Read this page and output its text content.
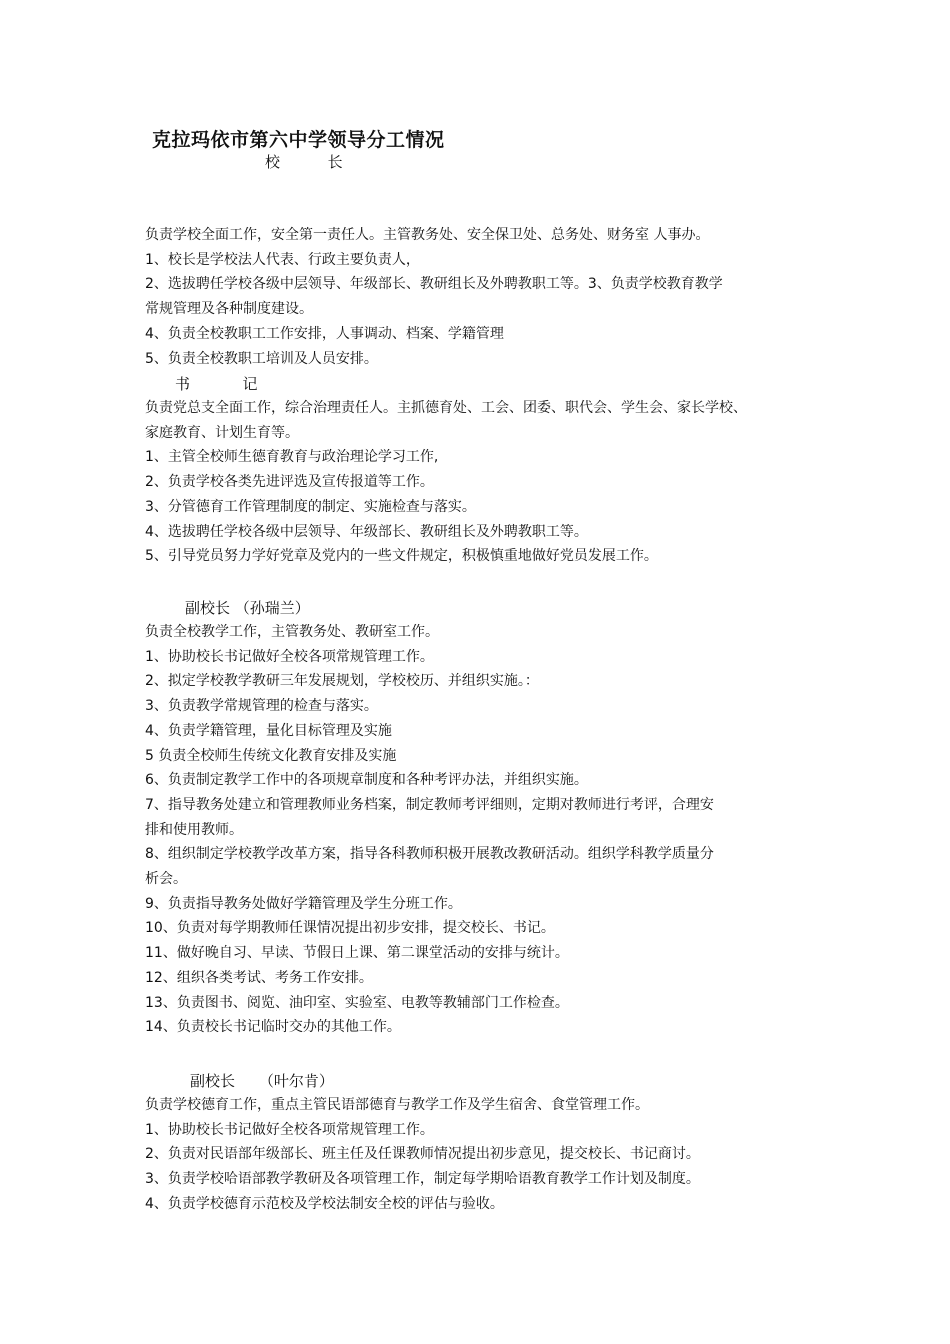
克拉玛依市第六中学领导分工情况
校          长

负责学校全面工作，安全第一责任人。主管教务处、安全保卫处、总务处、财务室 人事办。

1、校长是学校法人代表、行政主要负责人，

2、选拔聘任学校各级中层领导、年级部长、教研组长及外聘教职工等。3、负责学校教育教学

常规管理及各种制度建设。

4、负责全校教职工工作安排，人事调动、档案、学籍管理

5、负责全校教职工培训及人员安排。

书           记

负责党总支全面工作，综合治理责任人。主抓德育处、工会、团委、职代会、学生会、家长学校、

家庭教育、计划生育等。

1、主管全校师生德育教育与政治理论学习工作,

2、负责学校各类先进评选及宣传报道等工作。

3、分管德育工作管理制度的制定、实施检查与落实。

4、选拔聘任学校各级中层领导、年级部长、教研组长及外聘教职工等。

5、引导党员努力学好党章及党内的一些文件规定，积极慎重地做好党员发展工作。

副校长 （孙瑞兰）

负责全校教学工作，主管教务处、教研室工作。

1、协助校长书记做好全校各项常规管理工作。

2、拟定学校教学教研三年发展规划，学校校历、并组织实施。：

3、负责教学常规管理的检查与落实。

4、负责学籍管理，量化目标管理及实施

5 负责全校师生传统文化教育安排及实施

6、负责制定教学工作中的各项规章制度和各种考评办法，并组织实施。

7、指导教务处建立和管理教师业务档案，制定教师考评细则，定期对教师进行考评，合理安

排和使用教师。

8、组织制定学校教学改革方案，指导各科教师积极开展教改教研活动。组织学科教学质量分

析会。

9、负责指导教务处做好学籍管理及学生分班工作。

10、负责对每学期教师任课情况提出初步安排，提交校长、书记。

11、做好晚自习、早读、节假日上课、第二课堂活动的安排与统计。

12、组织各类考试、考务工作安排。

13、负责图书、阅览、油印室、实验室、电教等教辅部门工作检查。

14、负责校长书记临时交办的其他工作。

副校长     （叶尔肯）

负责学校德育工作，重点主管民语部德育与教学工作及学生宿舍、食堂管理工作。

1、协助校长书记做好全校各项常规管理工作。

2、负责对民语部年级部长、班主任及任课教师情况提出初步意见，提交校长、书记商讨。

3、负责学校哈语部教学教研及各项管理工作，制定每学期哈语教育教学工作计划及制度。

4、负责学校德育示范校及学校法制安全校的评估与验收。
